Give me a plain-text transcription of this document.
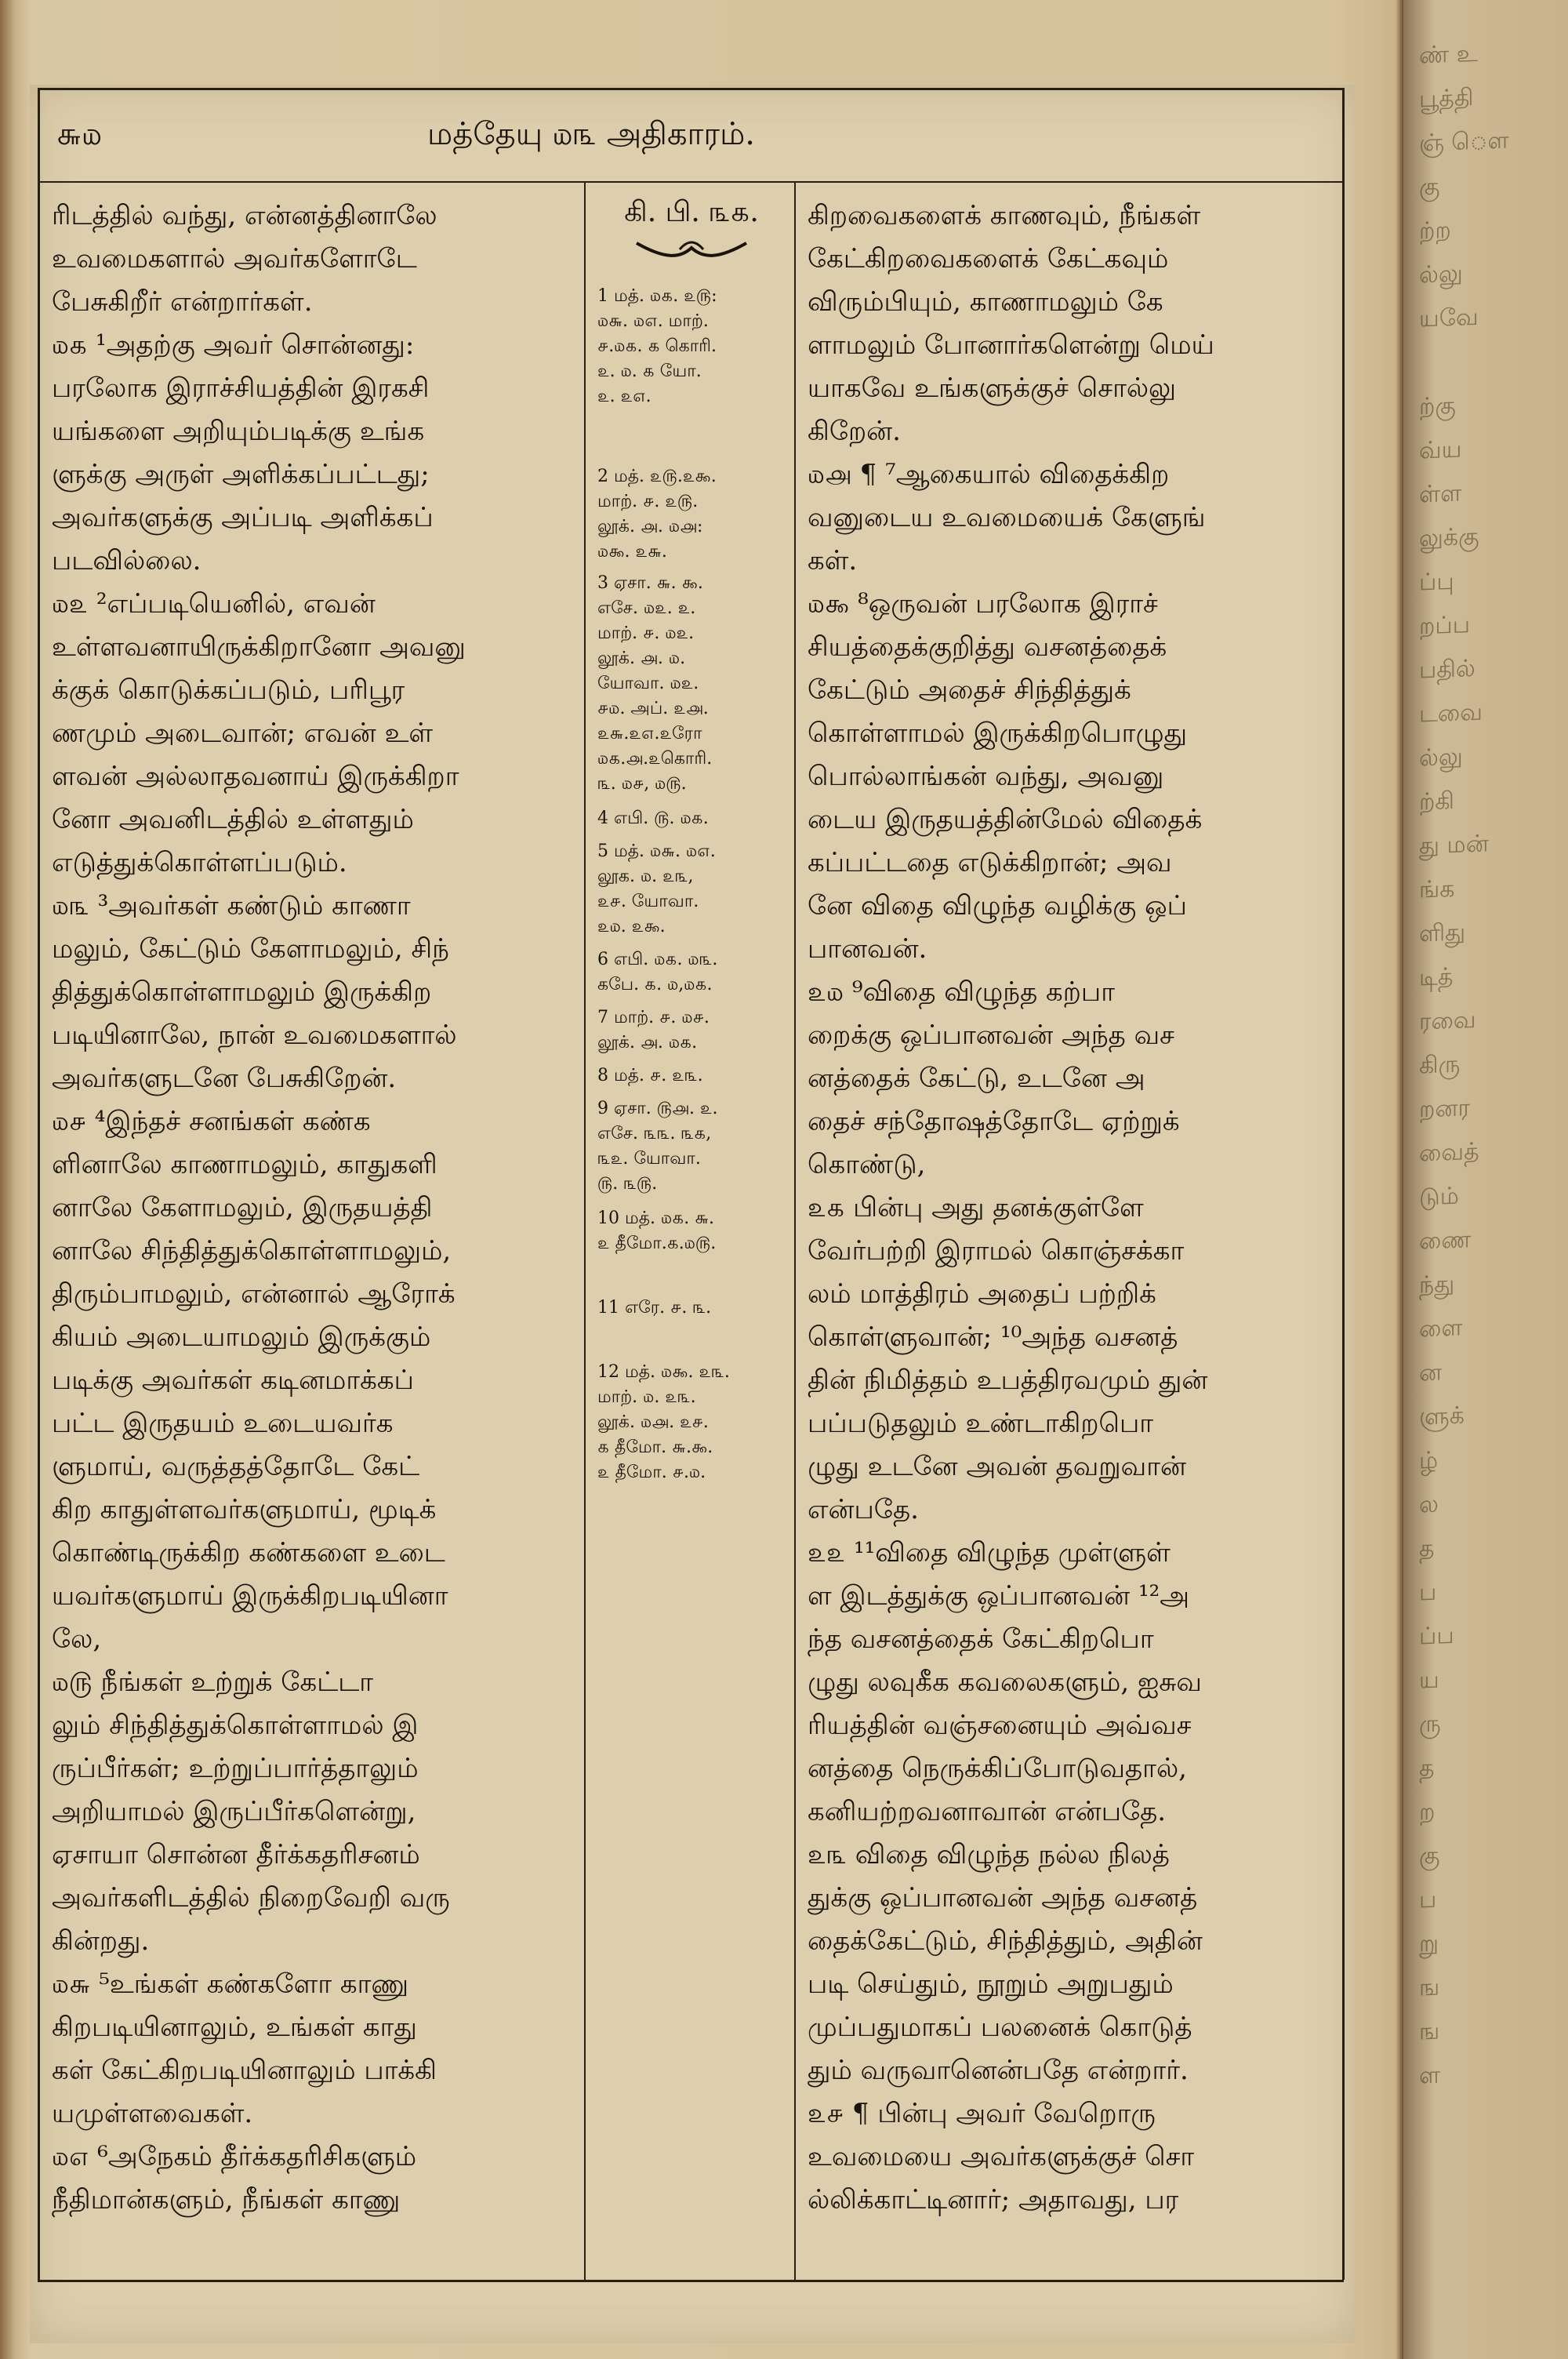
ண் உ
பூத்தி
ஞ் ௌ
கு
ற்ற
ல்லு
யவே

ற்கு
வ்ய
ள்ள
லுக்கு
ப்பு
றப்ப
பதில்
டவை
ல்லு
ற்கி
து மன்
ங்க
ளிது
டித்
ரவை
கிரு
றனர
வைத்
டும்
ணை
ந்து
ளை
ன
ளுக்
ழ்
ல
த
ப
ப்ப
ய
ரு
த
ற
கு
ப
று
ங
ங
ள
௬௰	மத்தேயு ௰௩ அதிகாரம்.

ரிடத்தில் வந்து, என்னத்தினாலே

உவமைகளால் அவர்களோடே

பேசுகிறீர் என்றார்கள்.

௰௧ ¹அதற்கு அவர் சொன்னது:

பரலோக இராச்சியத்தின் இரகசி

யங்களை அறியும்படிக்கு உங்க

ளுக்கு அருள் அளிக்கப்பட்டது;

அவர்களுக்கு அப்படி அளிக்கப்

படவில்லை.

௰௨ ²எப்படியெனில், எவன்

உள்ளவனாயிருக்கிறானோ அவனு

க்குக் கொடுக்கப்படும், பரிபூர

ணமும் அடைவான்; எவன் உள்

ளவன் அல்லாதவனாய் இருக்கிறா

னோ அவனிடத்தில் உள்ளதும்

எடுத்துக்கொள்ளப்படும்.

௰௩ ³அவர்கள் கண்டும் காணா

மலும், கேட்டும் கேளாமலும், சிந்

தித்துக்கொள்ளாமலும் இருக்கிற

படியினாலே, நான் உவமைகளால்

அவர்களுடனே பேசுகிறேன்.

௰௪ ⁴இந்தச் சனங்கள் கண்க

ளினாலே காணாமலும், காதுகளி

னாலே கேளாமலும், இருதயத்தி

னாலே சிந்தித்துக்கொள்ளாமலும்,

திரும்பாமலும், என்னால் ஆரோக்

கியம் அடையாமலும் இருக்கும்

படிக்கு அவர்கள் கடினமாக்கப்

பட்ட இருதயம் உடையவர்க

ளுமாய், வருத்தத்தோடே கேட்

கிற காதுள்ளவர்களுமாய், மூடிக்

கொண்டிருக்கிற கண்களை உடை

யவர்களுமாய் இருக்கிறபடியினா

லே,

௰௫ நீங்கள் உற்றுக் கேட்டா

லும் சிந்தித்துக்கொள்ளாமல் இ

ருப்பீர்கள்; உற்றுப்பார்த்தாலும்

அறியாமல் இருப்பீர்களென்று,

ஏசாயா சொன்ன தீர்க்கதரிசனம்

அவர்களிடத்தில் நிறைவேறி வரு

கின்றது.

௰௬ ⁵உங்கள் கண்களோ காணு

கிறபடியினாலும், உங்கள் காது

கள் கேட்கிறபடியினாலும் பாக்கி

யமுள்ளவைகள்.

௰௭ ⁶அநேகம் தீர்க்கதரிசிகளும்

நீதிமான்களும், நீங்கள் காணு

கி. பி. ௩௧.
1 மத். ௰௧. ௨௫:
௰௬. ௰௭. மாற்.
௪.௰௧. ௧ கொரி.
௨. ௰. ௧ யோ.
௨. ௨௭.
2 மத். ௨௫.௨௯.
மாற். ௪. ௨௫.
லூக். ௮. ௰௮:
௰௯. ௨௬.
3 ஏசா. ௬. ௯.
எசே. ௰௨. ௨.
மாற். ௪. ௰௨.
லூக். ௮. ௰.
யோவா. ௰௨.
௪௰. அப். ௨௮.
௨௬.௨௭.௨ரோ
௰௧.௮.௨கொரி.
௩. ௰௪, ௰௫.
4 எபி. ௫. ௰௧.
5 மத். ௰௬. ௰௭.
லூக. ௰. ௨௩,
௨௪. யோவா.
௨௰. ௨௯.
6 எபி. ௰௧. ௰௩.
கபே. ௧. ௰,௰௧.
7 மாற். ௪. ௰௪.
லூக். ௮. ௰௧.
8 மத். ௪. ௨௩.
9 ஏசா. ௫௮. ௨.
எசே. ௩௩. ௩௧,
௩௨. யோவா.
௫. ௩௫.
10 மத். ௰௧. ௬.
௨ தீமோ.௧.௰௫.
11 எரே. ௪. ௩.
12 மத். ௰௯. ௨௩.
மாற். ௰. ௨௩.
லூக். ௰௮. ௨௪.
௧ தீமோ. ௬.௯.
௨ தீமோ. ௪.௰.

கிறவைகளைக் காணவும், நீங்கள்

கேட்கிறவைகளைக் கேட்கவும்

விரும்பியும், காணாமலும் கே

ளாமலும் போனார்களென்று மெய்

யாகவே உங்களுக்குச் சொல்லு

கிறேன்.

௰௮ ¶ ⁷ஆகையால் விதைக்கிற

வனுடைய உவமையைக் கேளுங்

கள்.

௰௯ ⁸ஒருவன் பரலோக இராச்

சியத்தைக்குறித்து வசனத்தைக்

கேட்டும் அதைச் சிந்தித்துக்

கொள்ளாமல் இருக்கிறபொழுது

பொல்லாங்கன் வந்து, அவனு

டைய இருதயத்தின்மேல் விதைக்

கப்பட்டதை எடுக்கிறான்; அவ

னே விதை விழுந்த வழிக்கு ஒப்

பானவன்.

௨௰ ⁹விதை விழுந்த கற்பா

றைக்கு ஒப்பானவன் அந்த வச

னத்தைக் கேட்டு, உடனே அ

தைச் சந்தோஷத்தோடே ஏற்றுக்

கொண்டு,

௨௧ பின்பு அது தனக்குள்ளே

வேர்பற்றி இராமல் கொஞ்சக்கா

லம் மாத்திரம் அதைப் பற்றிக்

கொள்ளுவான்; ¹⁰அந்த வசனத்

தின் நிமித்தம் உபத்திரவமும் துன்

பப்படுதலும் உண்டாகிறபொ

ழுது உடனே அவன் தவறுவான்

என்பதே.

௨௨ ¹¹விதை விழுந்த முள்ளுள்

ள இடத்துக்கு ஒப்பானவன் ¹²அ

ந்த வசனத்தைக் கேட்கிறபொ

ழுது லவுகீக கவலைகளும், ஐசுவ

ரியத்தின் வஞ்சனையும் அவ்வச

னத்தை நெருக்கிப்போடுவதால்,

கனியற்றவனாவான் என்பதே.

௨௩ விதை விழுந்த நல்ல நிலத்

துக்கு ஒப்பானவன் அந்த வசனத்

தைக்கேட்டும், சிந்தித்தும், அதின்

படி செய்தும், நூறும் அறுபதும்

முப்பதுமாகப் பலனைக் கொடுத்

தும் வருவானென்பதே என்றார்.

௨௪ ¶ பின்பு அவர் வேறொரு

உவமையை அவர்களுக்குச் சொ

ல்லிக்காட்டினார்; அதாவது, பர
